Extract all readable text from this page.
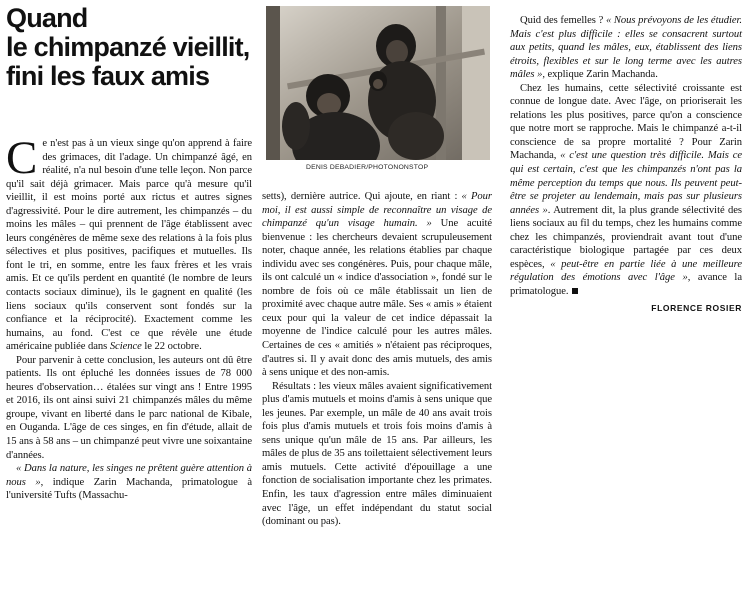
Quand
le chimpanzé vieillit,
fini les faux amis
DENIS DEBADIER/PHOTONONSTOP

Ce n'est pas à un vieux singe qu'on apprend à faire des grimaces, dit l'adage. Un chimpanzé âgé, en réalité, n'a nul besoin d'une telle leçon. Non parce qu'il sait déjà grimacer. Mais parce qu'à mesure qu'il vieillit, il est moins porté aux rictus et autres signes d'agressivité. Pour le dire autrement, les chimpanzés – du moins les mâles – qui prennent de l'âge établissent avec leurs congénères de même sexe des relations à la fois plus sélectives et plus positives, pacifiques et mutuelles. Ils font le tri, en somme, entre les faux frères et les vrais amis. Et ce qu'ils perdent en quantité (le nombre de leurs contacts sociaux diminue), ils le gagnent en qualité (les liens sociaux qu'ils conservent sont fondés sur la confiance et la réciprocité). Exactement comme les humains, au fond. C'est ce que révèle une étude américaine publiée dans Science le 22 octobre.

Pour parvenir à cette conclusion, les auteurs ont dû être patients. Ils ont épluché les données issues de 78 000 heures d'observation… étalées sur vingt ans ! Entre 1995 et 2016, ils ont ainsi suivi 21 chimpanzés mâles du même groupe, vivant en liberté dans le parc national de Kibale, en Ouganda. L'âge de ces singes, en fin d'étude, allait de 15 ans à 58 ans – un chimpanzé peut vivre une soixantaine d'années.

« Dans la nature, les singes ne prêtent guère attention à nous », indique Zarin Machanda, primatologue à l'université Tufts (Massachu-

setts), dernière autrice. Qui ajoute, en riant : « Pour moi, il est aussi simple de reconnaître un visage de chimpanzé qu'un visage humain. » Une acuité bienvenue : les chercheurs devaient scrupuleusement noter, chaque année, les relations établies par chaque individu avec ses congénères. Puis, pour chaque mâle, ils ont calculé un « indice d'association », fondé sur le nombre de fois où ce mâle établissait un lien de proximité avec chaque autre mâle. Ses « amis » étaient ceux pour qui la valeur de cet indice dépassait la moyenne de l'indice calculé pour les autres mâles. Certaines de ces « amitiés » n'étaient pas réciproques, d'autres si. Il y avait donc des amis mutuels, des amis à sens unique et des non-amis.

Résultats : les vieux mâles avaient significativement plus d'amis mutuels et moins d'amis à sens unique que les jeunes. Par exemple, un mâle de 40 ans avait trois fois plus d'amis mutuels et trois fois moins d'amis à sens unique qu'un mâle de 15 ans. Par ailleurs, les mâles de plus de 35 ans toilettaient sélectivement leurs amis mutuels. Cette activité d'épouillage a une fonction de socialisation importante chez les primates. Enfin, les taux d'agression entre mâles diminuaient avec l'âge, un effet indépendant du statut social (dominant ou pas).

Quid des femelles ? « Nous prévoyons de les étudier. Mais c'est plus difficile : elles se consacrent surtout aux petits, quand les mâles, eux, établissent des liens étroits, flexibles et sur le long terme avec les autres mâles », explique Zarin Machanda.

Chez les humains, cette sélectivité croissante est connue de longue date. Avec l'âge, on prioriserait les relations les plus positives, parce qu'on a conscience que notre mort se rapproche. Mais le chimpanzé a-t-il conscience de sa propre mortalité ? Pour Zarin Machanda, « c'est une question très difficile. Mais ce qui est certain, c'est que les chimpanzés n'ont pas la même perception du temps que nous. Ils peuvent peut-être se projeter au lendemain, mais pas sur plusieurs années ». Autrement dit, la plus grande sélectivité des liens sociaux au fil du temps, chez les humains comme chez les chimpanzés, proviendrait avant tout d'une caractéristique biologique partagée par ces deux espèces, « peut-être en partie liée à une meilleure régulation des émotions avec l'âge », avance la primatologue.

FLORENCE ROSIER
